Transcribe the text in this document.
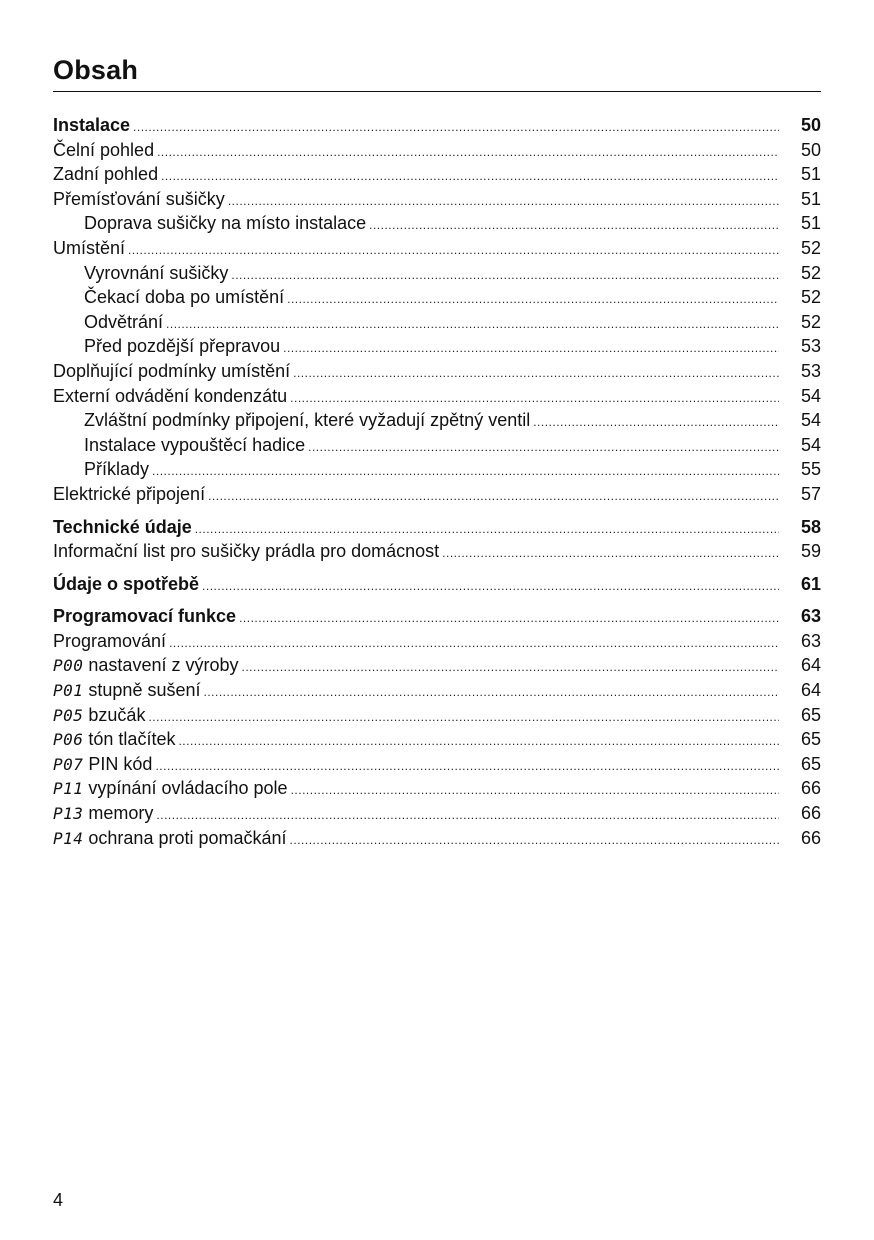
Obsah
Instalace .....	50
Čelní pohled .....	50
Zadní pohled .....	51
Přemísťování sušičky .....	51
Doprava sušičky na místo instalace .....	51
Umístění .....	52
Vyrovnání sušičky .....	52
Čekací doba po umístění .....	52
Odvětrání .....	52
Před pozdější přepravou .....	53
Doplňující podmínky umístění .....	53
Externí odvádění kondenzátu .....	54
Zvláštní podmínky připojení, které vyžadují zpětný ventil .....	54
Instalace vypouštěcí hadice .....	54
Příklady .....	55
Elektrické připojení .....	57
Technické údaje .....	58
Informační list pro sušičky prádla pro domácnost .....	59
Údaje o spotřebě .....	61
Programovací funkce .....	63
Programování .....	63
P00 nastavení z výroby .....	64
P01 stupně sušení .....	64
P05 bzučák .....	65
P06 tón tlačítek .....	65
P07 PIN kód .....	65
P11 vypínání ovládacího pole .....	66
P13 memory .....	66
P14 ochrana proti pomačkání .....	66
4
